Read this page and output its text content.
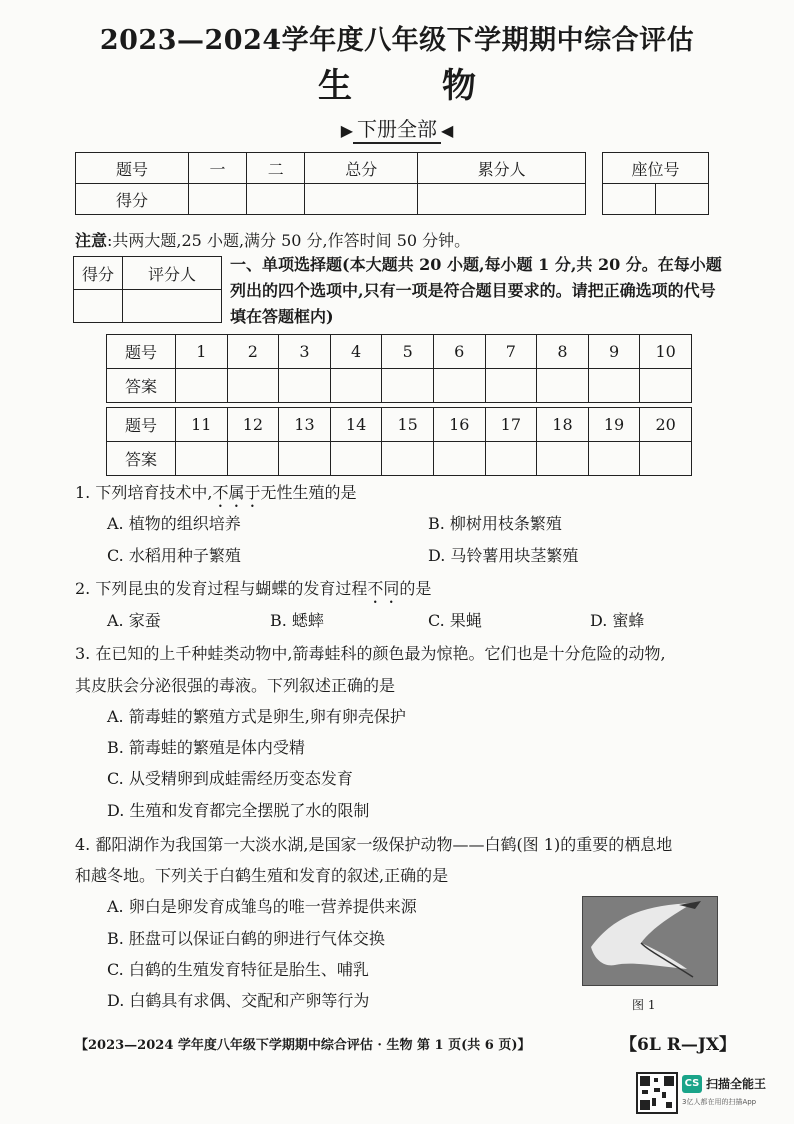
2023—2024学年度八年级下学期期中综合评估
生物
▶ 下册全部 ◀
题号	一	二	总分	累分人
得分				
座位号

注意:共两大题,25 小题,满分 50 分,作答时间 50 分钟。
得分	评分人
	一、单项选择题(本大题共 20 小题,每小题 1 分,共 20 分。在每小题列出的四个选项中,只有一项是符合题目要求的。请把正确选项的代号填在答题框内)
题号	1	2	3	4	5	6	7	8	9	10
答案										

题号	11	12	13	14	15	16	17	18	19	20
答案										
1. 下列培育技术中,不属于无性生殖的是
A. 植物的组织培养	B. 柳树用枝条繁殖
C. 水稻用种子繁殖	D. 马铃薯用块茎繁殖
2. 下列昆虫的发育过程与蝴蝶的发育过程不同的是
A. 家蚕	B. 蟋蟀	C. 果蝇	D. 蜜蜂
3. 在已知的上千种蛙类动物中,箭毒蛙科的颜色最为惊艳。它们也是十分危险的动物,
其皮肤会分泌很强的毒液。下列叙述正确的是
A. 箭毒蛙的繁殖方式是卵生,卵有卵壳保护
B. 箭毒蛙的繁殖是体内受精
C. 从受精卵到成蛙需经历变态发育
D. 生殖和发育都完全摆脱了水的限制
4. 鄱阳湖作为我国第一大淡水湖,是国家一级保护动物——白鹤(图 1)的重要的栖息地
和越冬地。下列关于白鹤生殖和发育的叙述,正确的是
A. 卵白是卵发育成雏鸟的唯一营养提供来源
B. 胚盘可以保证白鹤的卵进行气体交换
C. 白鹤的生殖发育特征是胎生、哺乳
D. 白鹤具有求偶、交配和产卵等行为	图 1
【2023—2024 学年度八年级下学期期中综合评估 · 生物 第 1 页(共 6 页)】	【6L R—JX】
CS 扫描全能王
3亿人都在用的扫描App
